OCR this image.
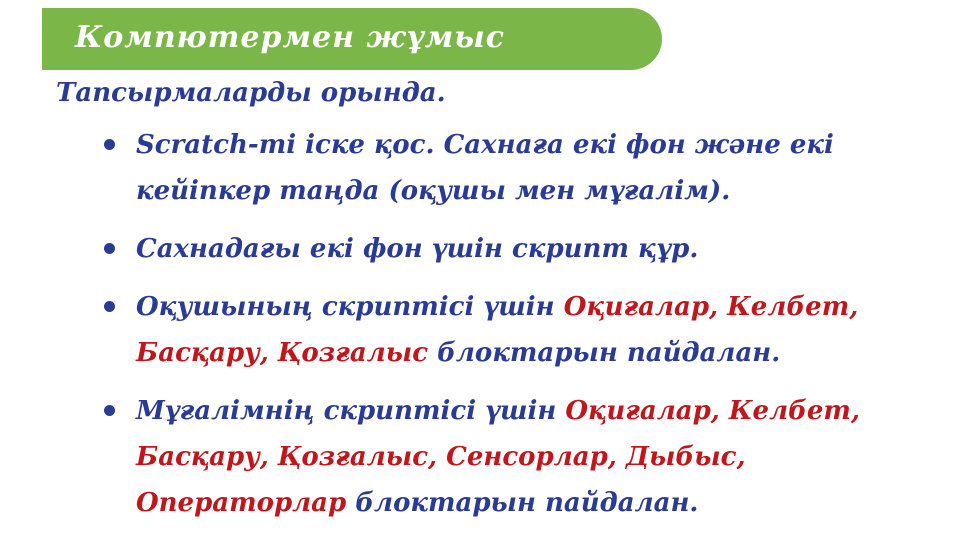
Компютермен жұмыс
Тапсырмаларды орында.
Scratch-ті іске қос. Сахнаға екі фон және екі кейіпкер таңда (оқушы мен мұғалім).
Сахнадағы екі фон үшін скрипт құр.
Оқушының скриптісі үшін Оқиғалар, Келбет, Басқару, Қозғалыс блоктарын пайдалан.
Мұғалімнің скриптісі үшін Оқиғалар, Келбет, Басқару, Қозғалыс, Сенсорлар, Дыбыс, Операторлар блоктарын пайдалан.
